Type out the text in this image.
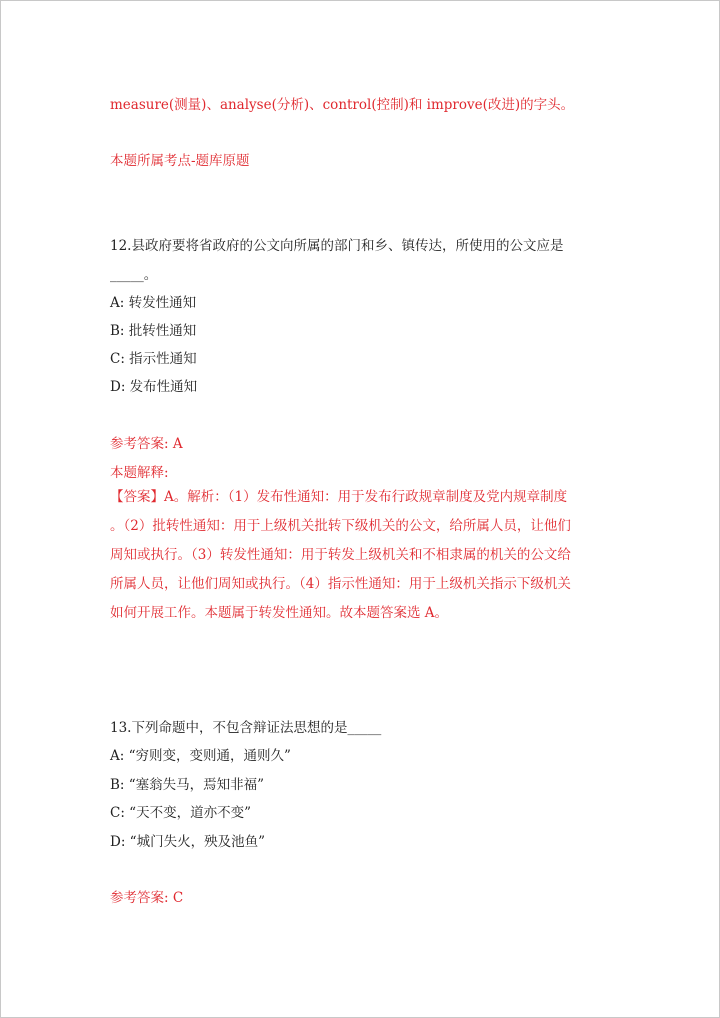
measure(测量)、analyse(分析)、control(控制)和 improve(改进)的字头。
本题所属考点-题库原题
12.县政府要将省政府的公文向所属的部门和乡、镇传达，所使用的公文应是
_____。
A: 转发性通知
B: 批转性通知
C: 指示性通知
D: 发布性通知
参考答案: A
本题解释:
【答案】A。解析：（1）发布性通知：用于发布行政规章制度及党内规章制度
。（2）批转性通知：用于上级机关批转下级机关的公文，给所属人员，让他们
周知或执行。（3）转发性通知：用于转发上级机关和不相隶属的机关的公文给
所属人员，让他们周知或执行。（4）指示性通知：用于上级机关指示下级机关
如何开展工作。本题属于转发性通知。故本题答案选 A。
13.下列命题中，不包含辩证法思想的是_____
A: “穷则变，变则通，通则久”
B: “塞翁失马，焉知非福”
C: “天不变，道亦不变”
D: “城门失火，殃及池鱼”
参考答案: C
